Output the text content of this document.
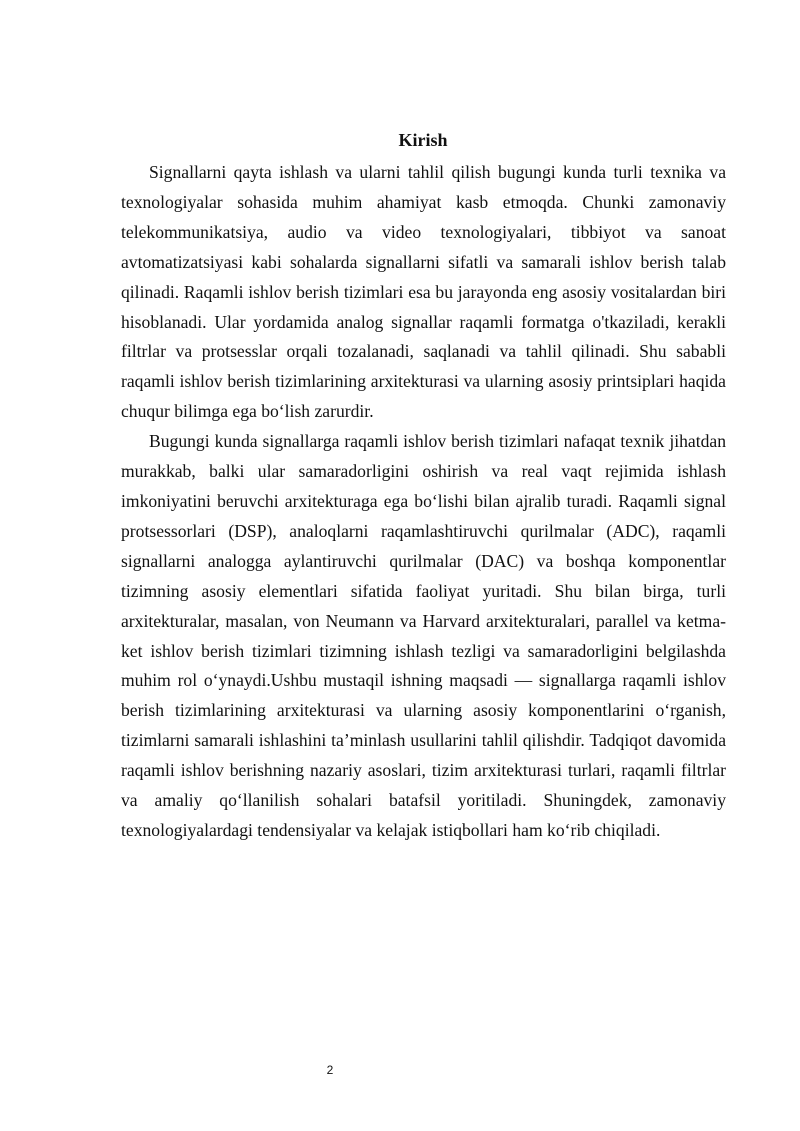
Kirish

Signallarni qayta ishlash va ularni tahlil qilish bugungi kunda turli texnika va texnologiyalar sohasida muhim ahamiyat kasb etmoqda. Chunki zamonaviy telekommunikatsiya, audio va video texnologiyalari, tibbiyot va sanoat avtomatizatsiyasi kabi sohalarda signallarni sifatli va samarali ishlov berish talab qilinadi. Raqamli ishlov berish tizimlari esa bu jarayonda eng asosiy vositalardan biri hisoblanadi. Ular yordamida analog signallar raqamli formatga o'tkaziladi, kerakli filtrlar va protsesslar orqali tozalanadi, saqlanadi va tahlil qilinadi. Shu sababli raqamli ishlov berish tizimlarining arxitekturasi va ularning asosiy printsiplari haqida chuqur bilimga ega bo‘lish zarurdir.

Bugungi kunda signallarga raqamli ishlov berish tizimlari nafaqat texnik jihatdan murakkab, balki ular samaradorligini oshirish va real vaqt rejimida ishlash imkoniyatini beruvchi arxitekturaga ega bo‘lishi bilan ajralib turadi. Raqamli signal protsessorlari (DSP), analoqlarni raqamlashtiruvchi qurilmalar (ADC), raqamli signallarni analogga aylantiruvchi qurilmalar (DAC) va boshqa komponentlar tizimning asosiy elementlari sifatida faoliyat yuritadi. Shu bilan birga, turli arxitekturalar, masalan, von Neumann va Harvard arxitekturalari, parallel va ketma-ket ishlov berish tizimlari tizimning ishlash tezligi va samaradorligini belgilashda muhim rol o‘ynaydi.Ushbu mustaqil ishning maqsadi — signallarga raqamli ishlov berish tizimlarining arxitekturasi va ularning asosiy komponentlarini o‘rganish, tizimlarni samarali ishlashini ta’minlash usullarini tahlil qilishdir. Tadqiqot davomida raqamli ishlov berishning nazariy asoslari, tizim arxitekturasi turlari, raqamli filtrlar va amaliy qo‘llanilish sohalari batafsil yoritiladi. Shuningdek, zamonaviy texnologiyalardagi tendensiyalar va kelajak istiqbollari ham ko‘rib chiqiladi.

2
